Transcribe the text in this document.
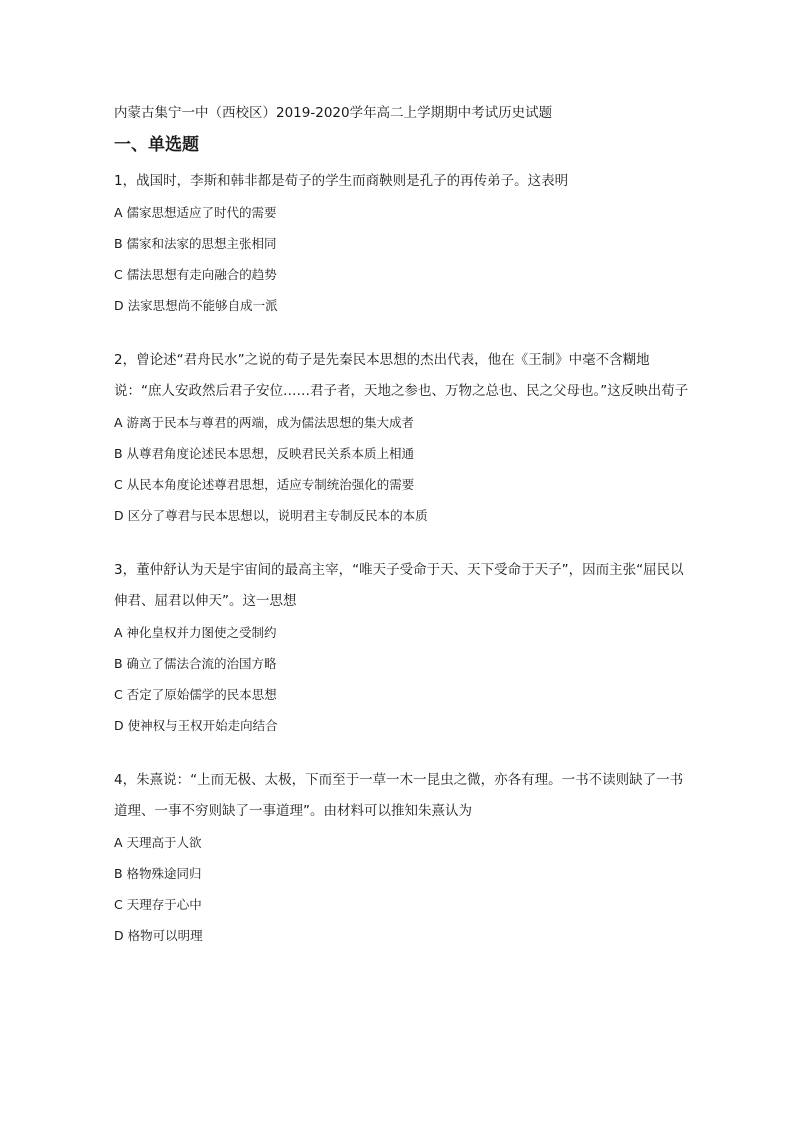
内蒙古集宁一中（西校区）2019-2020学年高二上学期期中考试历史试题

一、单选题

1，战国时，李斯和韩非都是荀子的学生而商鞅则是孔子的再传弟子。这表明

A 儒家思想适应了时代的需要

B 儒家和法家的思想主张相同

C 儒法思想有走向融合的趋势

D 法家思想尚不能够自成一派

2，曾论述“君舟民水”之说的荀子是先秦民本思想的杰出代表，他在《王制》中毫不含糊地说：“庶人安政然后君子安位……君子者，天地之参也、万物之总也、民之父母也。”这反映出荀子

A 游离于民本与尊君的两端，成为儒法思想的集大成者

B 从尊君角度论述民本思想，反映君民关系本质上相通

C 从民本角度论述尊君思想，适应专制统治强化的需要

D 区分了尊君与民本思想以，说明君主专制反民本的本质

3，董仲舒认为天是宇宙间的最高主宰，“唯天子受命于天、天下受命于天子”，因而主张“屈民以伸君、屈君以伸天”。这一思想

A 神化皇权并力图使之受制约

B 确立了儒法合流的治国方略

C 否定了原始儒学的民本思想

D 使神权与王权开始走向结合

4，朱熹说：“上而无极、太极，下而至于一草一木一昆虫之微，亦各有理。一书不读则缺了一书道理、一事不穷则缺了一事道理”。由材料可以推知朱熹认为

A 天理高于人欲

B 格物殊途同归

C 天理存于心中

D 格物可以明理
